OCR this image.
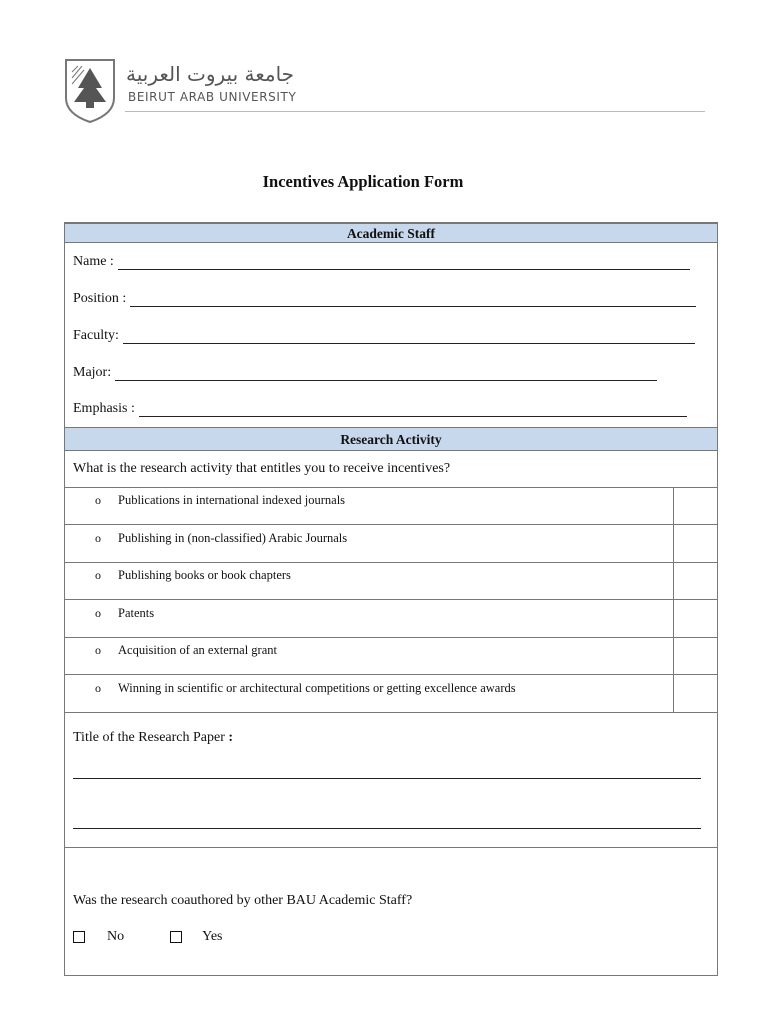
جامعة بيروت العربية
BEIRUT ARAB UNIVERSITY
Incentives Application Form
Academic Staff
Name :
Position :
Faculty:
Major:
Emphasis :
Research Activity
What is the research activity that entitles you to receive incentives?
o	Publications in international indexed journals
o	Publishing in (non-classified) Arabic Journals
o	Publishing books or book chapters
o	Patents
o	Acquisition of an external grant
o	Winning in scientific or architectural competitions or getting excellence awards
Title of the Research Paper :
Was the research coauthored by other BAU Academic Staff?
No	Yes
